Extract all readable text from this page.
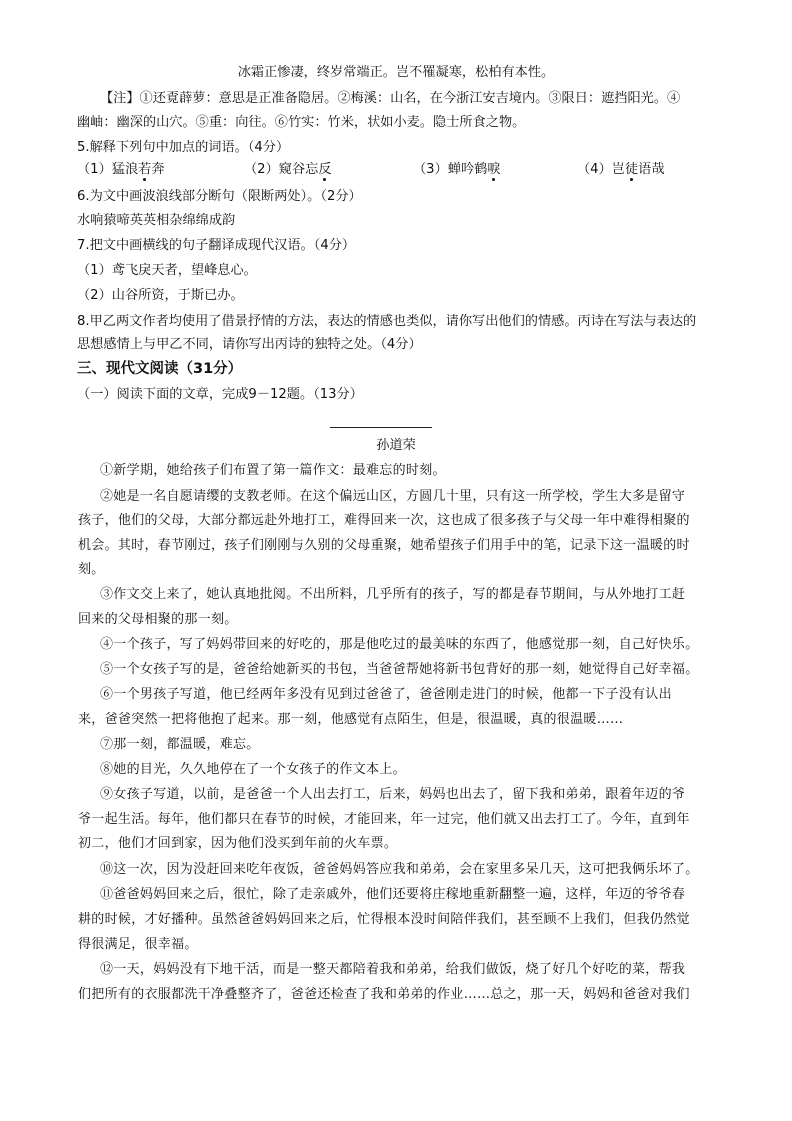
冰霜正惨凄，终岁常端正。岂不罹凝寒，松柏有本性。
【注】①还覔薜萝：意思是正准备隐居。②梅溪：山名，在今浙江安吉境内。③限日：遮挡阳光。④
幽岫：幽深的山穴。⑤重：向往。⑥竹实：竹米，状如小麦。隐士所食之物。
5.解释下列句中加点的词语。（4分）
（1）猛浪若奔	（2）窥谷忘反	（3）蝉吟鹤唳	（4）岂徒语哉
6.为文中画波浪线部分断句（限断两处）。（2分）
水响猿啼英英相杂绵绵成韵
7.把文中画横线的句子翻译成现代汉语。（4分）
（1）鸢飞戾天者，望峰息心。
（2）山谷所资，于斯已办。
8.甲乙两文作者均使用了借景抒情的方法，表达的情感也类似，请你写出他们的情感。丙诗在写法与表达的
思想感情上与甲乙不同，请你写出丙诗的独特之处。（4分）
三、现代文阅读（31分）
（一）阅读下面的文章，完成9－12题。（13分）
孙道荣
①新学期，她给孩子们布置了第一篇作文：最难忘的时刻。
②她是一名自愿请缨的支教老师。在这个偏远山区，方圆几十里，只有这一所学校，学生大多是留守
孩子，他们的父母，大部分都远赴外地打工，难得回来一次，这也成了很多孩子与父母一年中难得相聚的
机会。其时，春节刚过，孩子们刚刚与久别的父母重聚，她希望孩子们用手中的笔，记录下这一温暖的时
刻。
③作文交上来了，她认真地批阅。不出所料，几乎所有的孩子，写的都是春节期间，与从外地打工赶
回来的父母相聚的那一刻。
④一个孩子，写了妈妈带回来的好吃的，那是他吃过的最美味的东西了，他感觉那一刻，自己好快乐。
⑤一个女孩子写的是，爸爸给她新买的书包，当爸爸帮她将新书包背好的那一刻，她觉得自己好幸福。
⑥一个男孩子写道，他已经两年多没有见到过爸爸了，爸爸刚走进门的时候，他都一下子没有认出
来，爸爸突然一把将他抱了起来。那一刻，他感觉有点陌生，但是，很温暖，真的很温暖……
⑦那一刻，都温暖，难忘。
⑧她的目光，久久地停在了一个女孩子的作文本上。
⑨女孩子写道，以前，是爸爸一个人出去打工，后来，妈妈也出去了，留下我和弟弟，跟着年迈的爷
爷一起生活。每年，他们都只在春节的时候，才能回来，年一过完，他们就又出去打工了。今年，直到年
初二，他们才回到家，因为他们没买到年前的火车票。
⑩这一次，因为没赶回来吃年夜饭，爸爸妈妈答应我和弟弟，会在家里多呆几天，这可把我俩乐坏了。
⑪爸爸妈妈回来之后，很忙，除了走亲戚外，他们还要将庄稼地重新翻整一遍，这样，年迈的爷爷春
耕的时候，才好播种。虽然爸爸妈妈回来之后，忙得根本没时间陪伴我们，甚至顾不上我们，但我仍然觉
得很满足，很幸福。
⑫一天，妈妈没有下地干活，而是一整天都陪着我和弟弟，给我们做饭，烧了好几个好吃的菜，帮我
们把所有的衣服都洗干净叠整齐了，爸爸还检查了我和弟弟的作业……总之，那一天，妈妈和爸爸对我们
